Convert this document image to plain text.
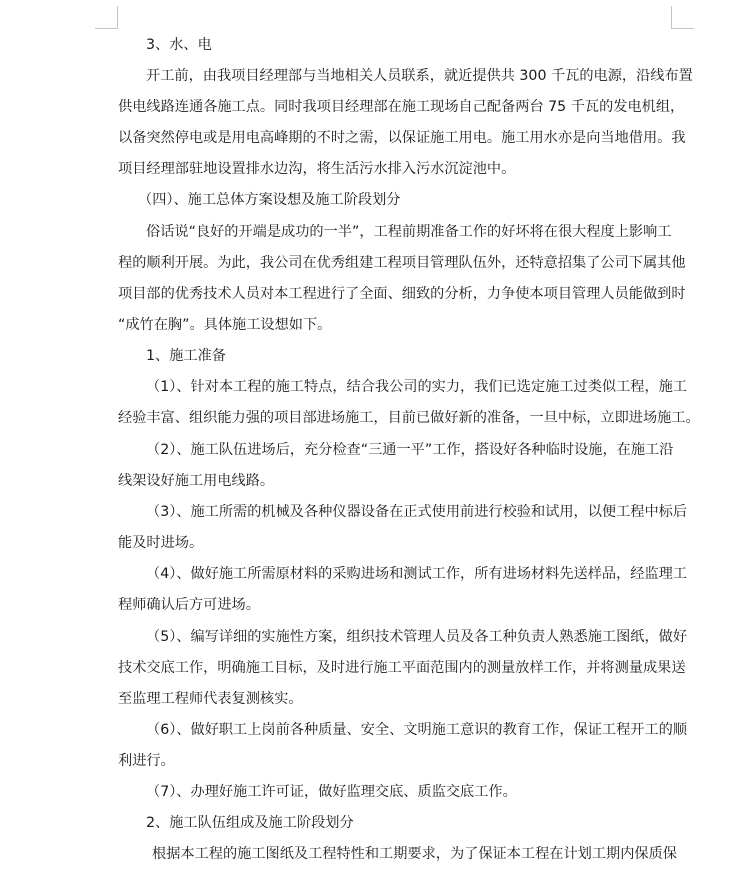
3、水、电
开工前，由我项目经理部与当地相关人员联系，就近提供共 300 千瓦的电源，沿线布置
供电线路连通各施工点。同时我项目经理部在施工现场自己配备两台 75 千瓦的发电机组，
以备突然停电或是用电高峰期的不时之需，以保证施工用电。施工用水亦是向当地借用。我
项目经理部驻地设置排水边沟，将生活污水排入污水沉淀池中。
（四）、施工总体方案设想及施工阶段划分
俗话说“良好的开端是成功的一半”，工程前期准备工作的好坏将在很大程度上影响工
程的顺利开展。为此，我公司在优秀组建工程项目管理队伍外，还特意招集了公司下属其他
项目部的优秀技术人员对本工程进行了全面、细致的分析，力争使本项目管理人员能做到时
“成竹在胸”。具体施工设想如下。
1、施工准备
（1）、针对本工程的施工特点，结合我公司的实力，我们已选定施工过类似工程，施工
经验丰富、组织能力强的项目部进场施工，目前已做好新的准备，一旦中标，立即进场施工。
（2）、施工队伍进场后，充分检查“三通一平”工作，搭设好各种临时设施，在施工沿
线架设好施工用电线路。
（3）、施工所需的机械及各种仪器设备在正式使用前进行校验和试用，以便工程中标后
能及时进场。
（4）、做好施工所需原材料的采购进场和测试工作，所有进场材料先送样品，经监理工
程师确认后方可进场。
（5）、编写详细的实施性方案，组织技术管理人员及各工种负责人熟悉施工图纸，做好
技术交底工作，明确施工目标，及时进行施工平面范围内的测量放样工作，并将测量成果送
至监理工程师代表复测核实。
（6）、做好职工上岗前各种质量、安全、文明施工意识的教育工作，保证工程开工的顺
利进行。
（7）、办理好施工许可证，做好监理交底、质监交底工作。
2、施工队伍组成及施工阶段划分
根据本工程的施工图纸及工程特性和工期要求，为了保证本工程在计划工期内保质保
